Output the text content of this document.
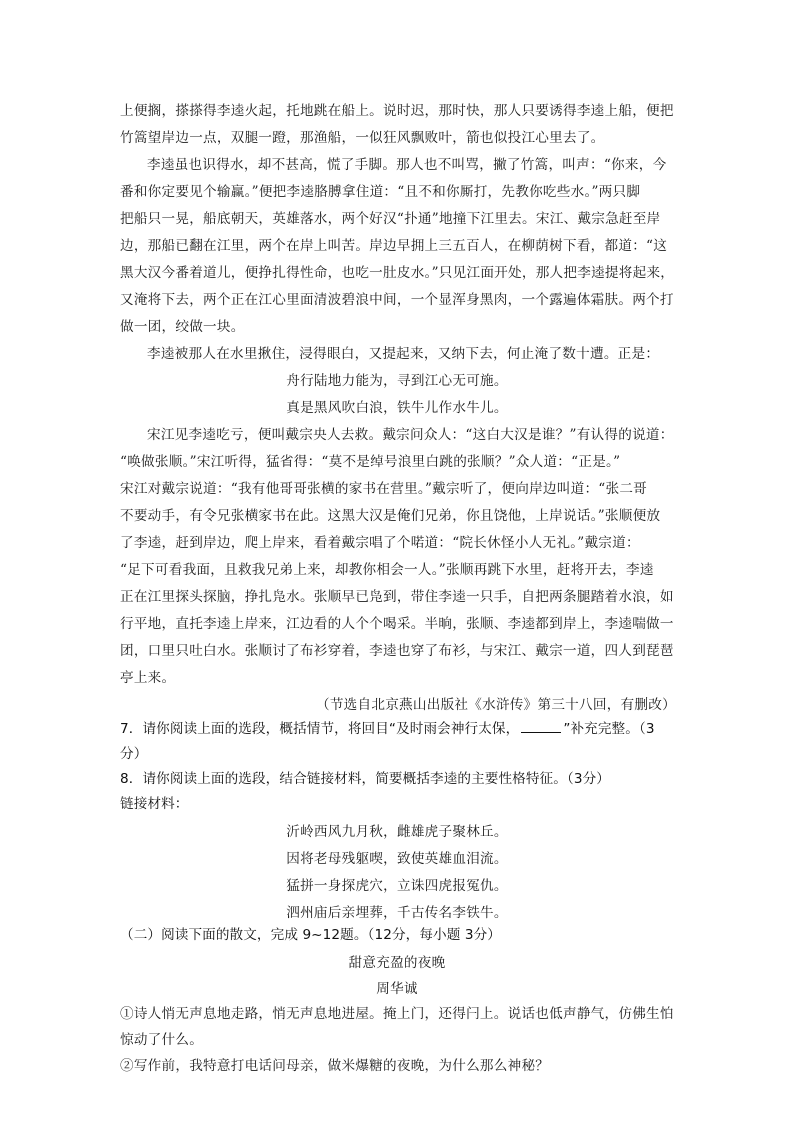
上便搁，搽搽得李逵火起，托地跳在船上。说时迟，那时快，那人只要诱得李逵上船，便把
竹篙望岸边一点，双腿一蹬，那渔船，一似狂风飘败叶，箭也似投江心里去了。
李逵虽也识得水，却不甚高，慌了手脚。那人也不叫骂，撇了竹篙，叫声：“你来，今
番和你定要见个输赢。”便把李逵胳膊拿住道：“且不和你厮打，先教你吃些水。”两只脚
把船只一晃，船底朝天，英雄落水，两个好汉“扑通”地撞下江里去。宋江、戴宗急赶至岸
边，那船已翻在江里，两个在岸上叫苦。岸边早拥上三五百人，在柳荫树下看，都道：“这
黑大汉今番着道儿，便挣扎得性命，也吃一肚皮水。”只见江面开处，那人把李逵提将起来，
又淹将下去，两个正在江心里面清波碧浪中间，一个显浑身黑肉，一个露遍体霜肤。两个打
做一团，绞做一块。
李逵被那人在水里揪住，浸得眼白，又提起来，又纳下去，何止淹了数十遭。正是：
舟行陆地力能为，寻到江心无可施。
真是黑风吹白浪，铁牛儿作水牛儿。
宋江见李逵吃亏，便叫戴宗央人去救。戴宗问众人：“这白大汉是谁？”有认得的说道：
“唤做张顺。”宋江听得，猛省得：“莫不是绰号浪里白跳的张顺？”众人道：“正是。”
宋江对戴宗说道：“我有他哥哥张横的家书在营里。”戴宗听了，便向岸边叫道：“张二哥
不要动手，有令兄张横家书在此。这黑大汉是俺们兄弟，你且饶他，上岸说话。”张顺便放
了李逵，赶到岸边，爬上岸来，看着戴宗唱了个喏道：“院长休怪小人无礼。”戴宗道：
“足下可看我面，且救我兄弟上来，却教你相会一人。”张顺再跳下水里，赶将开去，李逵
正在江里探头探脑，挣扎凫水。张顺早已凫到，带住李逵一只手，自把两条腿踏着水浪，如
行平地，直托李逵上岸来，江边看的人个个喝采。半晌，张顺、李逵都到岸上，李逵喘做一
团，口里只吐白水。张顺讨了布衫穿着，李逵也穿了布衫，与宋江、戴宗一道，四人到琵琶
亭上来。
（节选自北京燕山出版社《水浒传》第三十八回，有删改）
7．请你阅读上面的选段，概括情节，将回目“及时雨会神行太保，	”补充完整。（3
分）
8．请你阅读上面的选段，结合链接材料，简要概括李逵的主要性格特征。（3分）
链接材料：
沂岭西风九月秋，雌雄虎子聚林丘。
因将老母残躯喫，致使英雄血泪流。
猛拼一身探虎穴，立诛四虎报冤仇。
泗州庙后亲埋葬，千古传名李铁牛。
（二）阅读下面的散文，完成 9~12题。（12分，每小题 3分）
甜意充盈的夜晚
周华诚
①诗人悄无声息地走路，悄无声息地进屋。掩上门，还得闩上。说话也低声静气，仿佛生怕
惊动了什么。
②写作前，我特意打电话问母亲，做米爆糖的夜晚，为什么那么神秘？
